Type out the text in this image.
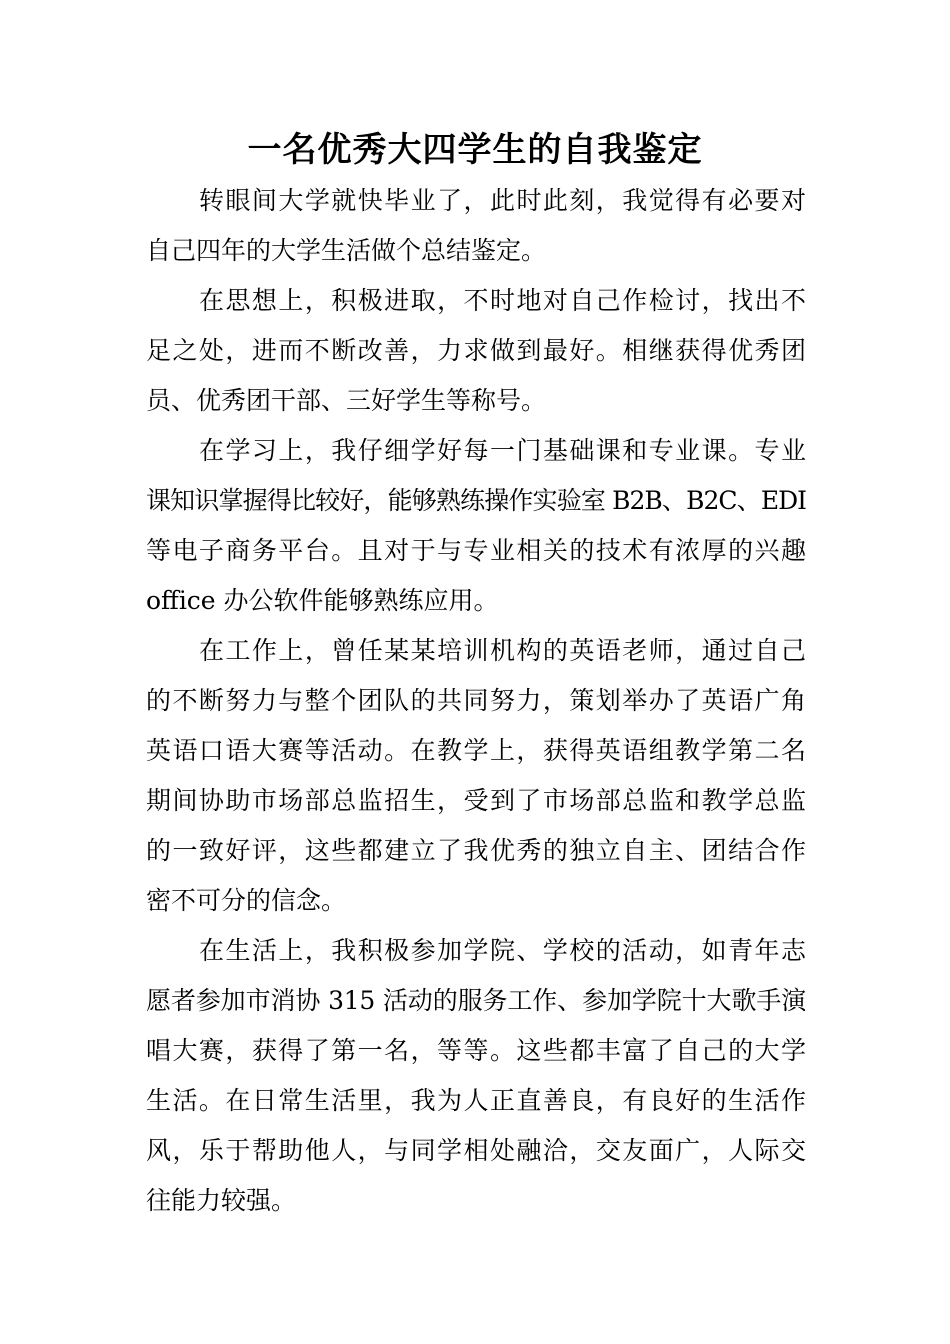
一名优秀大四学生的自我鉴定
转眼间大学就快毕业了，此时此刻，我觉得有必要对
自己四年的大学生活做个总结鉴定。
在思想上，积极进取，不时地对自己作检讨，找出不
足之处，进而不断改善，力求做到最好。相继获得优秀团
员、优秀团干部、三好学生等称号。
在学习上，我仔细学好每一门基础课和专业课。专业
课知识掌握得比较好，能够熟练操作实验室 B2B、B2C、EDI
等电子商务平台。且对于与专业相关的技术有浓厚的兴趣
office 办公软件能够熟练应用。
在工作上，曾任某某培训机构的英语老师，通过自己
的不断努力与整个团队的共同努力，策划举办了英语广角
英语口语大赛等活动。在教学上，获得英语组教学第二名
期间协助市场部总监招生，受到了市场部总监和教学总监
的一致好评，这些都建立了我优秀的独立自主、团结合作
密不可分的信念。
在生活上，我积极参加学院、学校的活动，如青年志
愿者参加市消协 315 活动的服务工作、参加学院十大歌手演
唱大赛，获得了第一名，等等。这些都丰富了自己的大学
生活。在日常生活里，我为人正直善良，有良好的生活作
风，乐于帮助他人，与同学相处融洽，交友面广，人际交
往能力较强。
